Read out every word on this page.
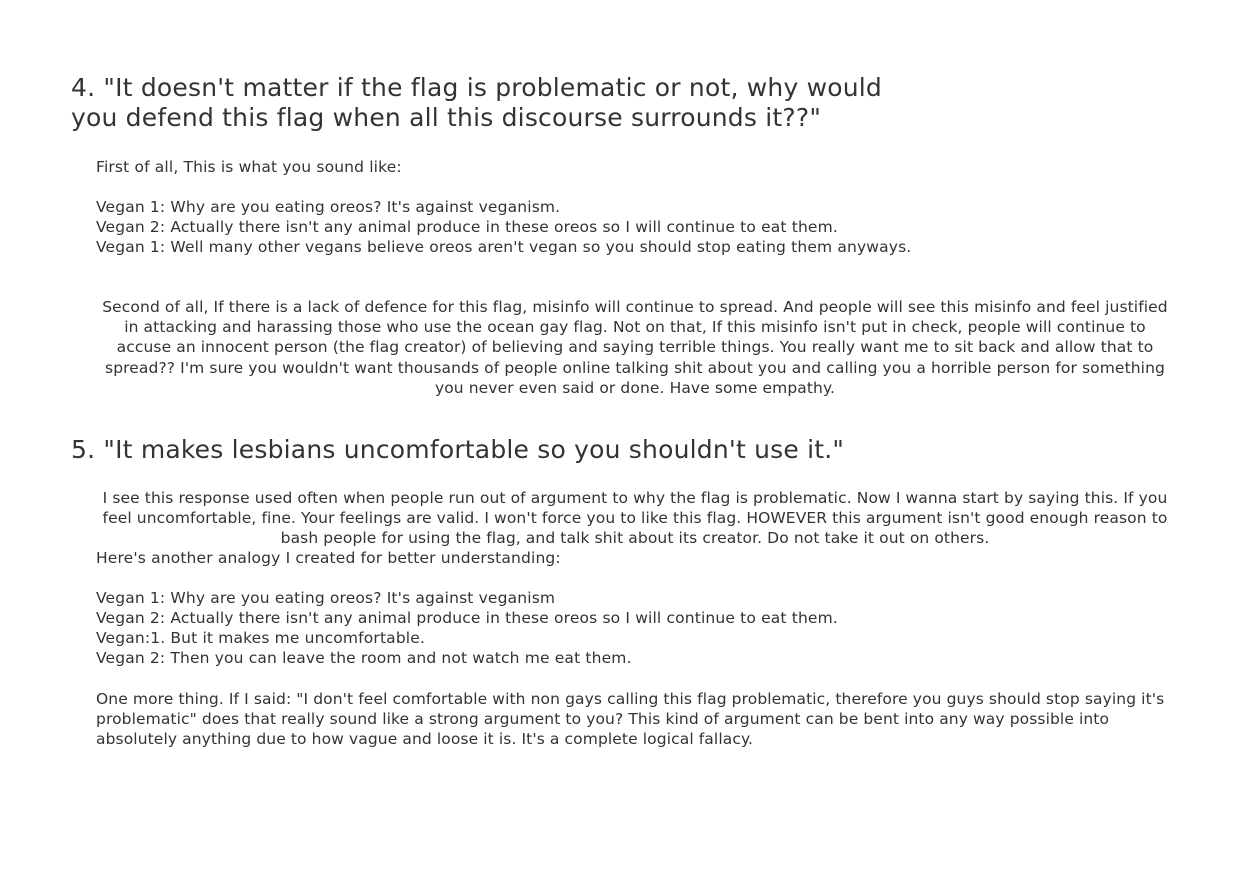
4. "It doesn't matter if the flag is problematic or not, why would you defend this flag when all this discourse surrounds it??"

First of all, This is what you sound like:

Vegan 1: Why are you eating oreos? It's against veganism.

Vegan 2: Actually there isn't any animal produce in these oreos so I will continue to eat them.

Vegan 1: Well many other vegans believe oreos aren't vegan so you should stop eating them anyways.

Second of all, If there is a lack of defence for this flag, misinfo will continue to spread. And people will see this misinfo and feel justified in attacking and harassing those who use the ocean gay flag. Not on that, If this misinfo isn't put in check, people will continue to accuse an innocent person (the flag creator) of believing and saying terrible things. You really want me to sit back and allow that to spread?? I'm sure you wouldn't want thousands of people online talking shit about you and calling you a horrible person for something you never even said or done. Have some empathy.

5. "It makes lesbians uncomfortable so you shouldn't use it."

I see this response used often when people run out of argument to why the flag is problematic. Now I wanna start by saying this. If you feel uncomfortable, fine. Your feelings are valid. I won't force you to like this flag. HOWEVER this argument isn't good enough reason to bash people for using the flag, and talk shit about its creator. Do not take it out on others.

Here's another analogy I created for better understanding:

Vegan 1: Why are you eating oreos? It's against veganism

Vegan 2: Actually there isn't any animal produce in these oreos so I will continue to eat them.

Vegan:1. But it makes me uncomfortable.

Vegan 2: Then you can leave the room and not watch me eat them.

One more thing. If I said: "I don't feel comfortable with non gays calling this flag problematic, therefore you guys should stop saying it's problematic" does that really sound like a strong argument to you? This kind of argument can be bent into any way possible into absolutely anything due to how vague and loose it is. It's a complete logical fallacy.
